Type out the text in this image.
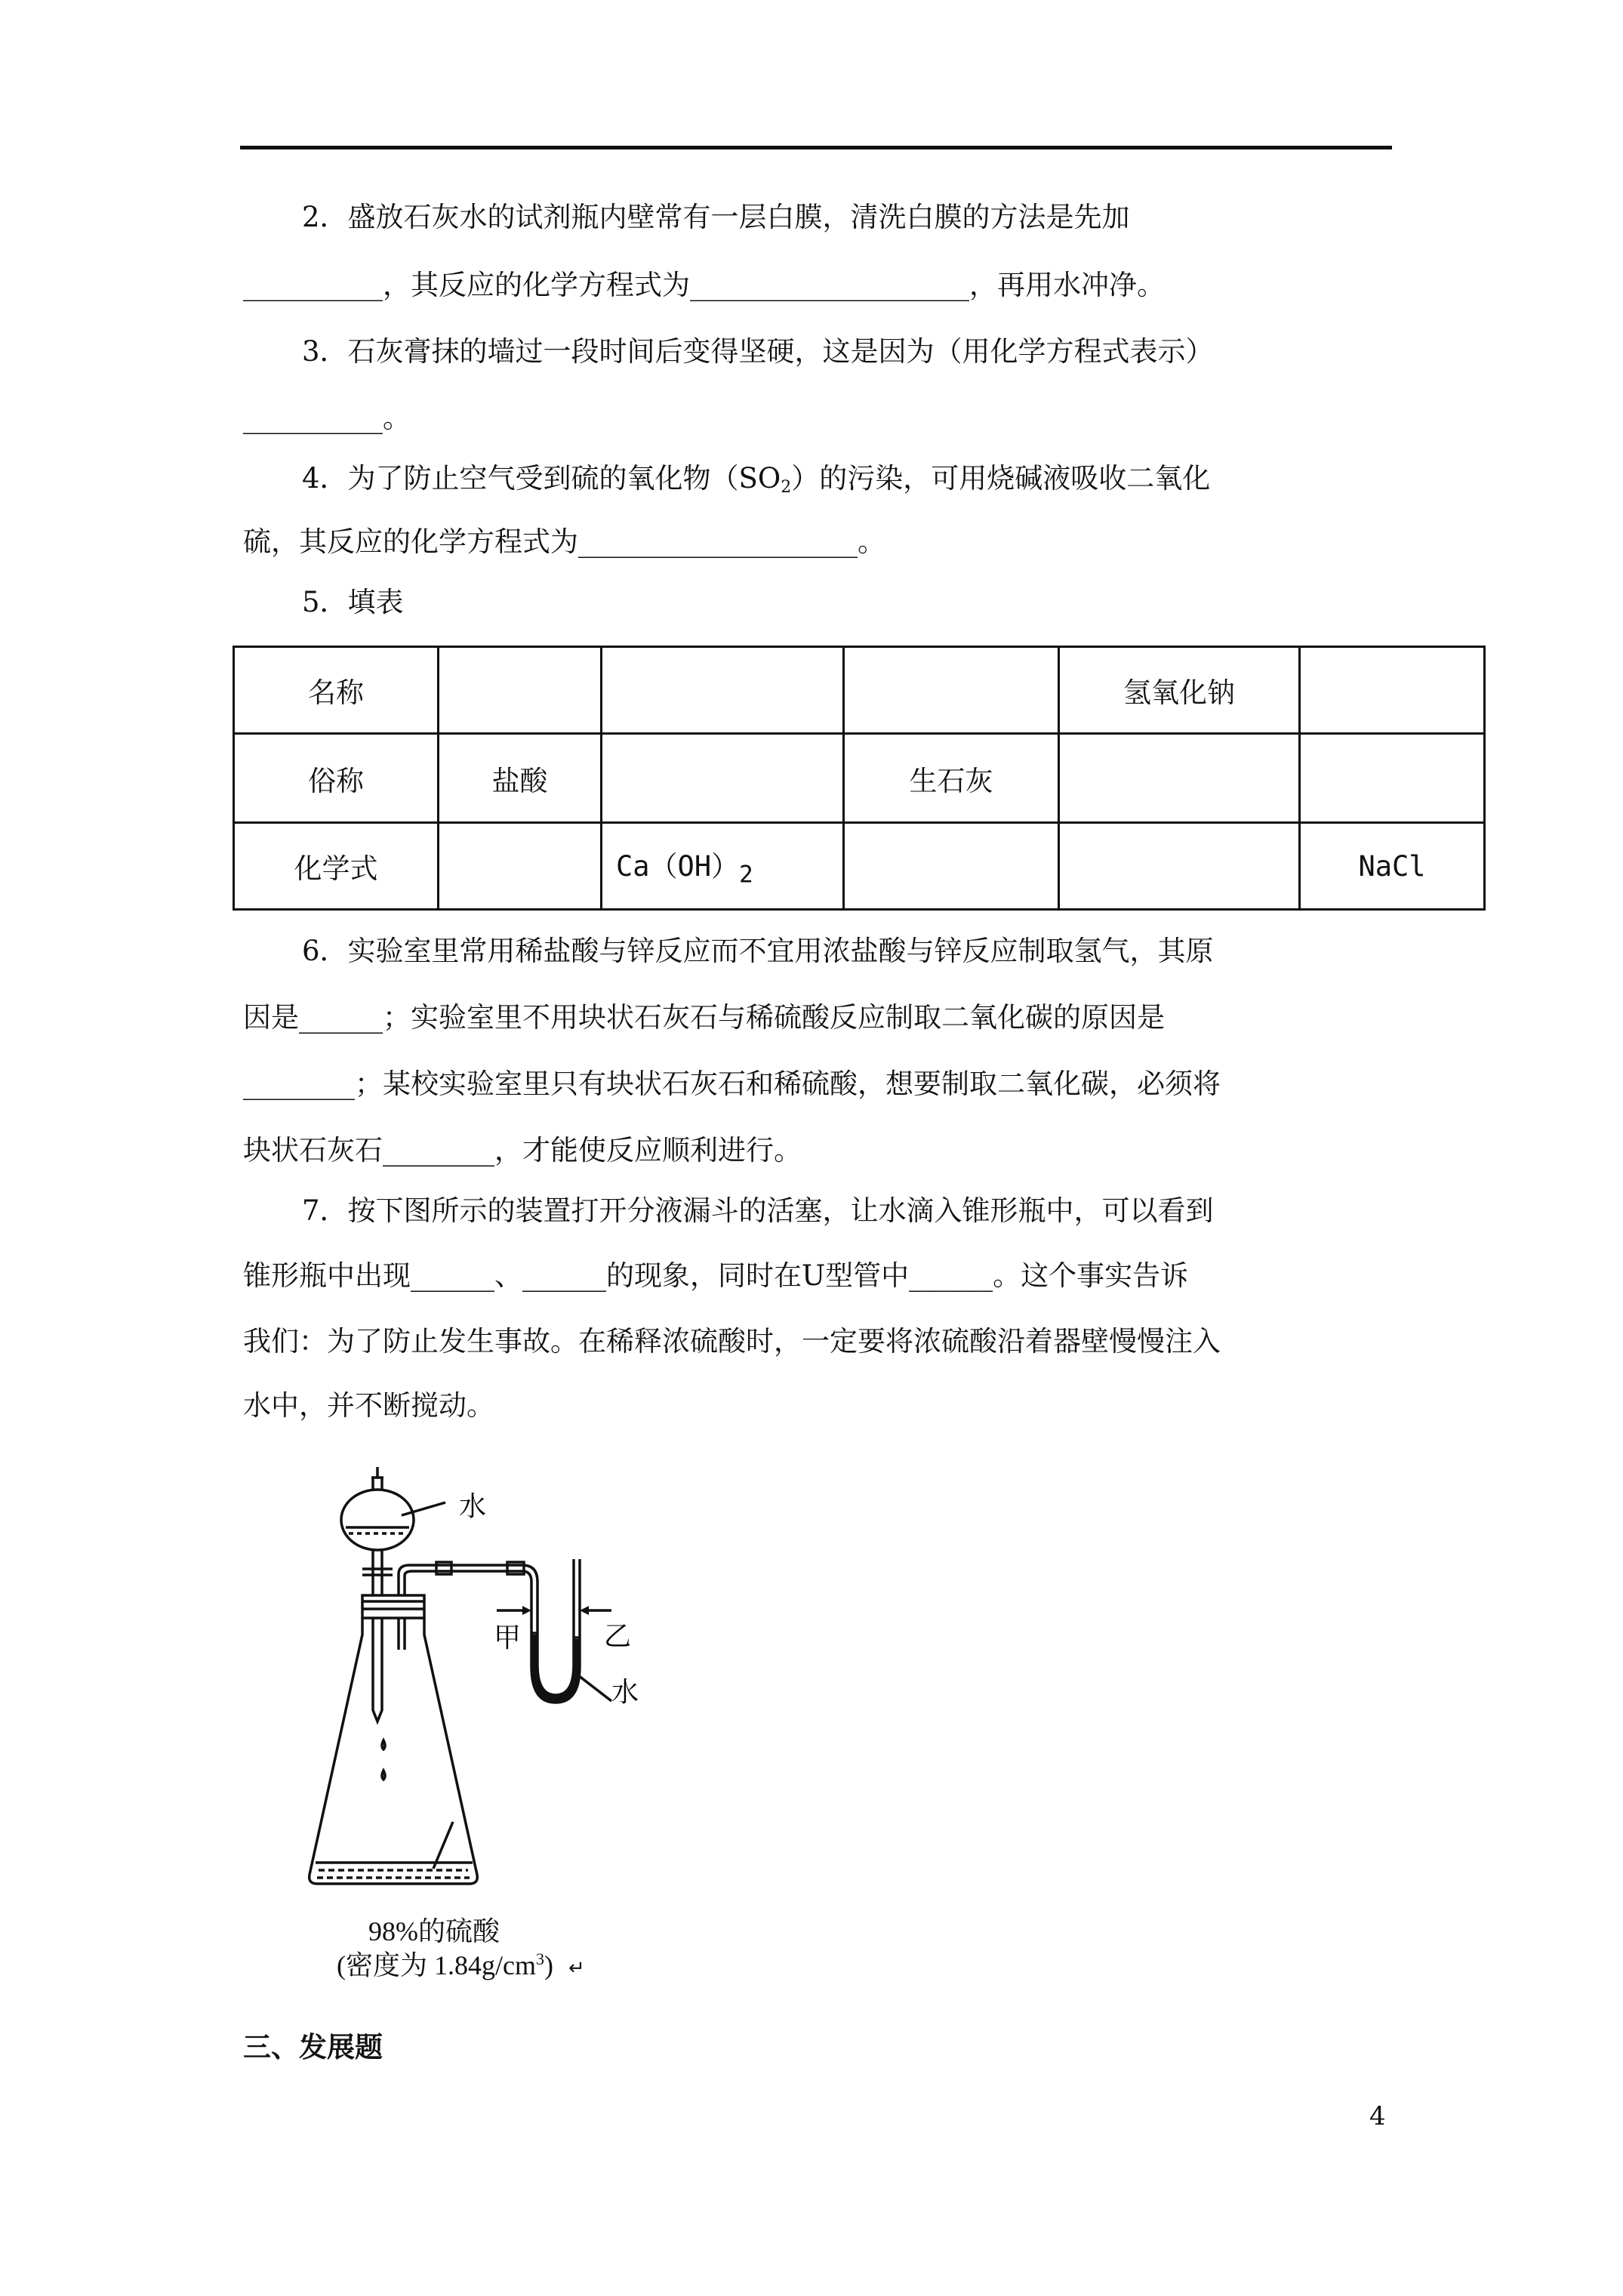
2．盛放石灰水的试剂瓶内壁常有一层白膜，清洗白膜的方法是先加
__________，其反应的化学方程式为____________________，再用水冲净。
3．石灰膏抹的墙过一段时间后变得坚硬，这是因为（用化学方程式表示）
__________。
4．为了防止空气受到硫的氧化物$(SO_2)$的污染，可用烧碱液吸收二氧化
硫，其反应的化学方程式为____________________。
5．填表
名称				氢氧化钠	
俗称	盐酸		生石灰		
化学式		$Ca(OH)_2$			NaCl
6．实验室里常用稀盐酸与锌反应而不宜用浓盐酸与锌反应制取氢气，其原
因是______；实验室里不用块状石灰石与稀硫酸反应制取二氧化碳的原因是
________；某校实验室里只有块状石灰石和稀硫酸，想要制取二氧化碳，必须将
块状石灰石________，才能使反应顺利进行。
7．按下图所示的装置打开分液漏斗的活塞，让水滴入锥形瓶中，可以看到
锥形瓶中出现______、______的现象，同时在U型管中______。这个事实告诉
我们：为了防止发生事故。在稀释浓硫酸时，一定要将浓硫酸沿着器壁慢慢注入
水中，并不断搅动。
水
甲	乙
水
98%的硫酸
(密度为 $1.84g/cm^3$) ↵
三、发展题
4
